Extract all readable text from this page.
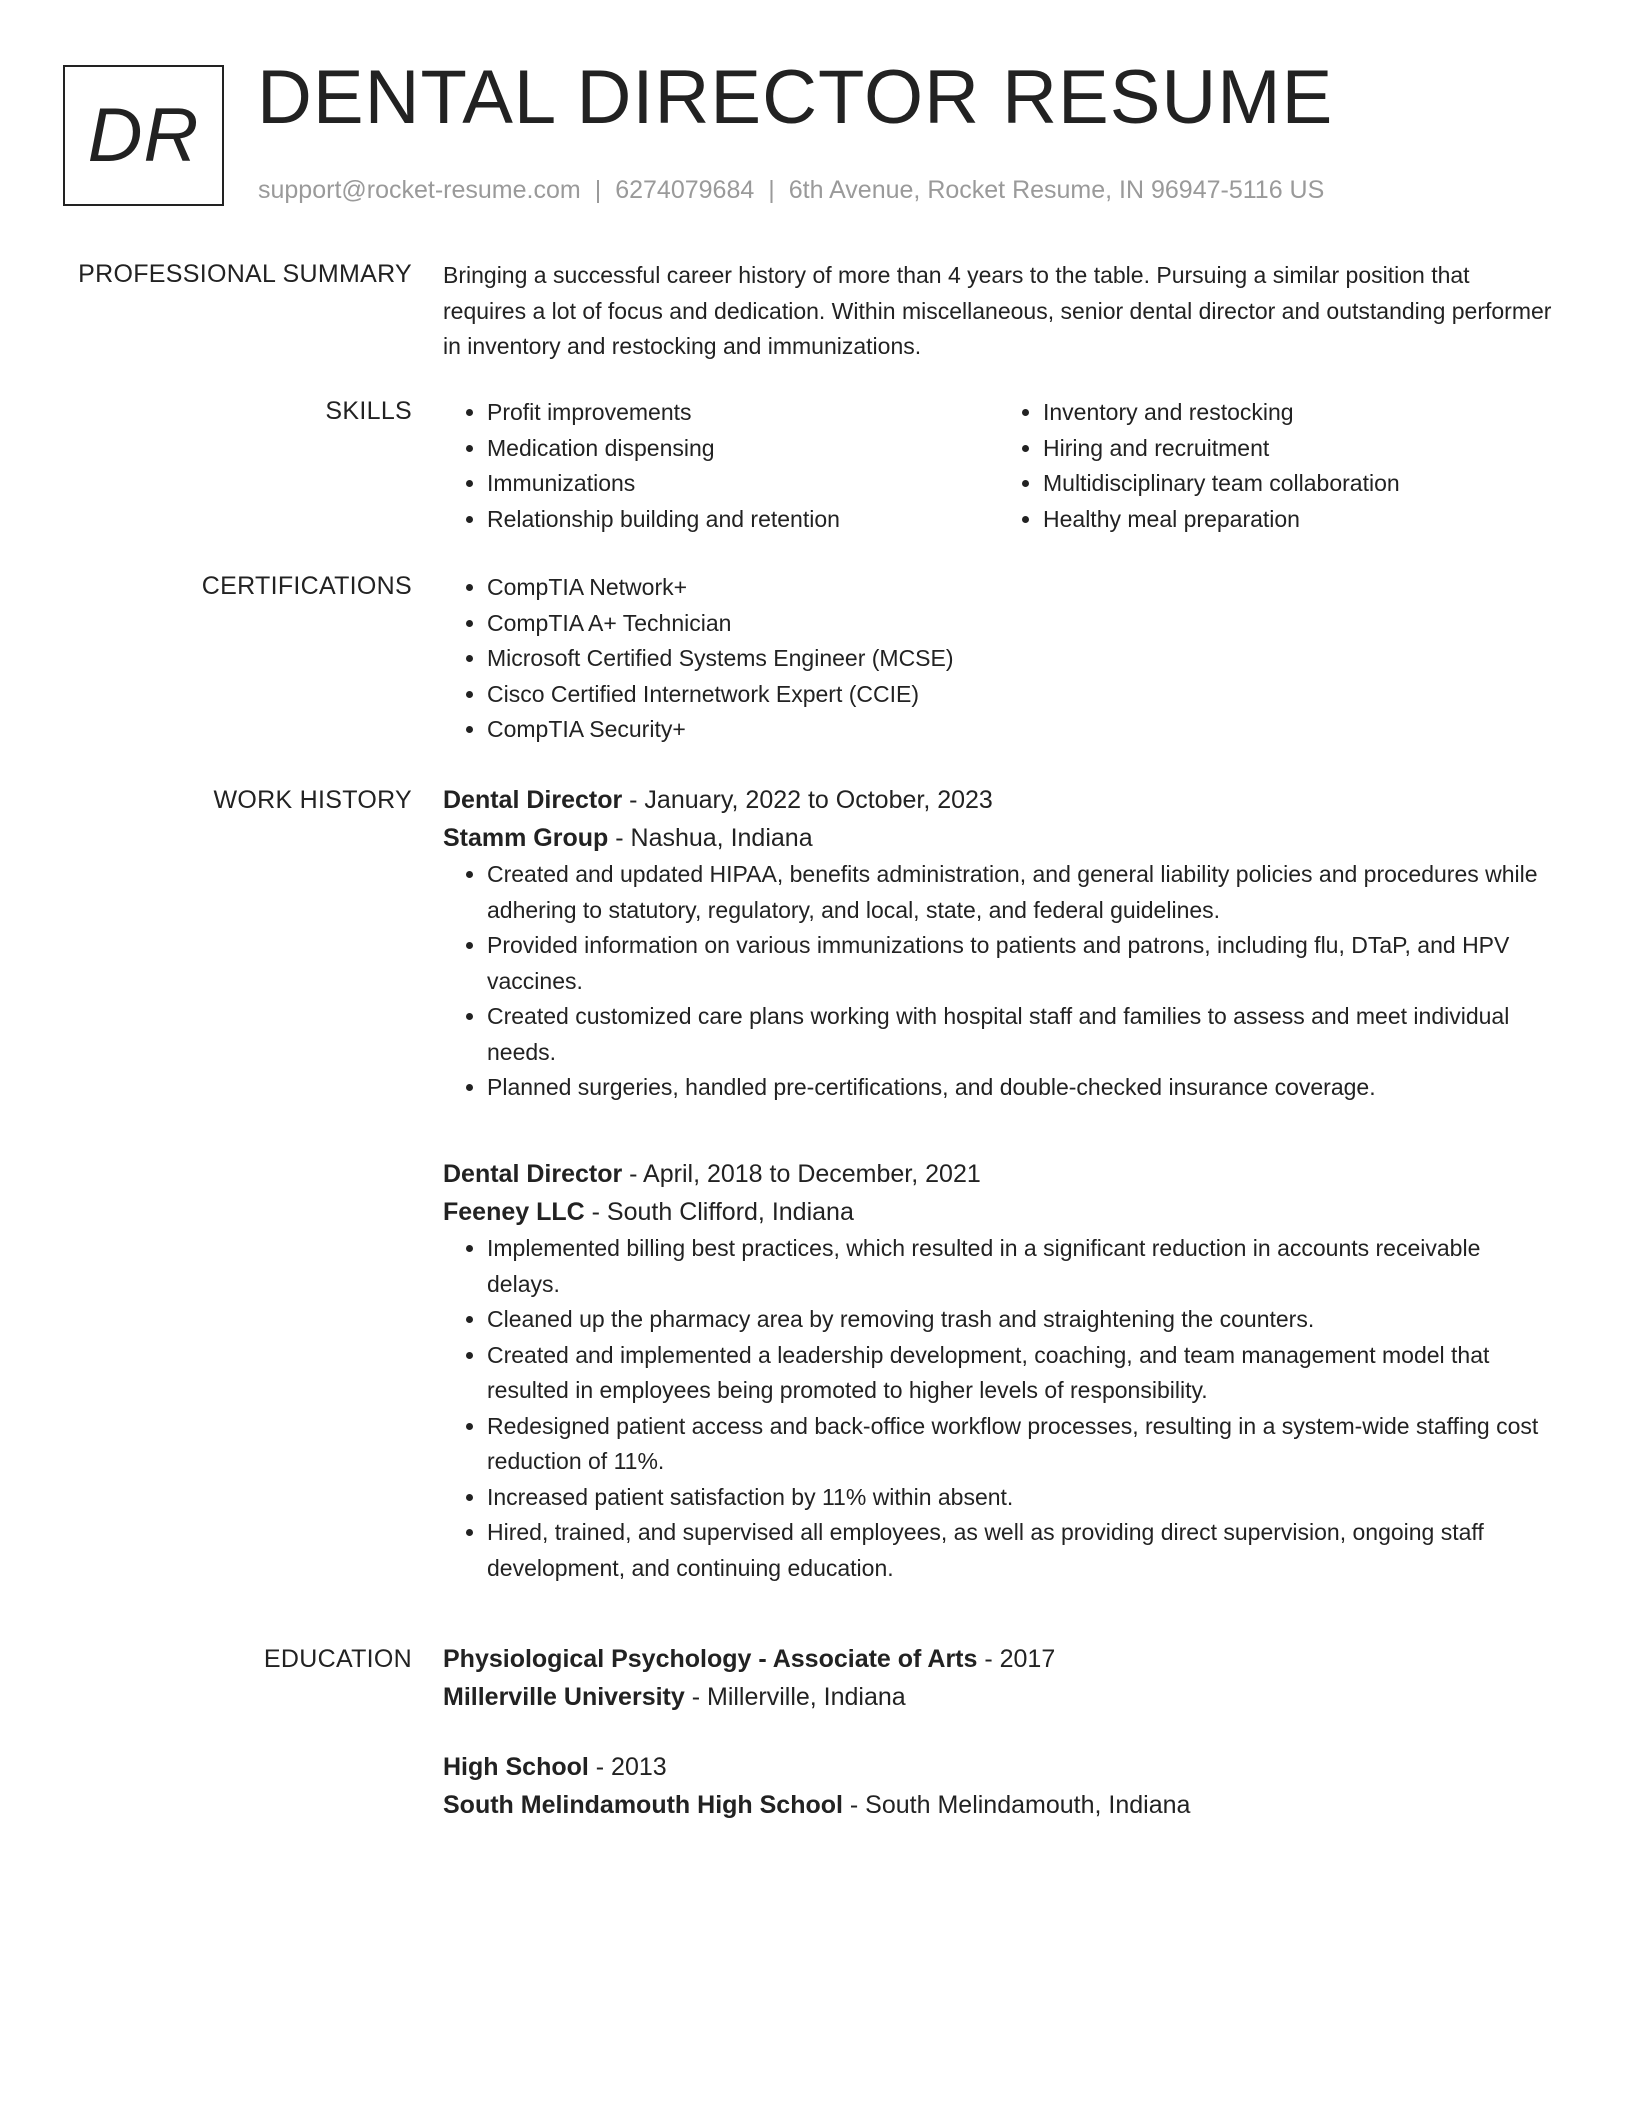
DR DENTAL DIRECTOR RESUME
support@rocket-resume.com | 6274079684 | 6th Avenue, Rocket Resume, IN 96947-5116 US
PROFESSIONAL SUMMARY Bringing a successful career history of more than 4 years to the table. Pursuing a similar position that requires a lot of focus and dedication. Within miscellaneous, senior dental director and outstanding performer in inventory and restocking and immunizations.

SKILLS	• Profit improvements
• Medication dispensing
• Immunizations
• Relationship building and retention
• Inventory and restocking
• Hiring and recruitment
• Multidisciplinary team collaboration
• Healthy meal preparation
CERTIFICATIONS	• CompTIA Network+
• CompTIA A+ Technician
• Microsoft Certified Systems Engineer (MCSE)
• Cisco Certified Internetwork Expert (CCIE)
• CompTIA Security+
WORK HISTORY Dental Director - January, 2022 to October, 2023
Stamm Group - Nashua, Indiana
• Created and updated HIPAA, benefits administration, and general liability policies and procedures while adhering to statutory, regulatory, and local, state, and federal guidelines.
• Provided information on various immunizations to patients and patrons, including flu, DTaP, and HPV vaccines.
• Created customized care plans working with hospital staff and families to assess and meet individual needs.
• Planned surgeries, handled pre-certifications, and double-checked insurance coverage.
Dental Director - April, 2018 to December, 2021
Feeney LLC - South Clifford, Indiana
• Implemented billing best practices, which resulted in a significant reduction in accounts receivable delays.
• Cleaned up the pharmacy area by removing trash and straightening the counters.
• Created and implemented a leadership development, coaching, and team management model that resulted in employees being promoted to higher levels of responsibility.
• Redesigned patient access and back-office workflow processes, resulting in a system-wide staffing cost reduction of 11%.
• Increased patient satisfaction by 11% within absent.
• Hired, trained, and supervised all employees, as well as providing direct supervision, ongoing staff development, and continuing education.
EDUCATION Physiological Psychology - Associate of Arts - 2017
Millerville University - Millerville, Indiana
High School - 2013
South Melindamouth High School - South Melindamouth, Indiana
